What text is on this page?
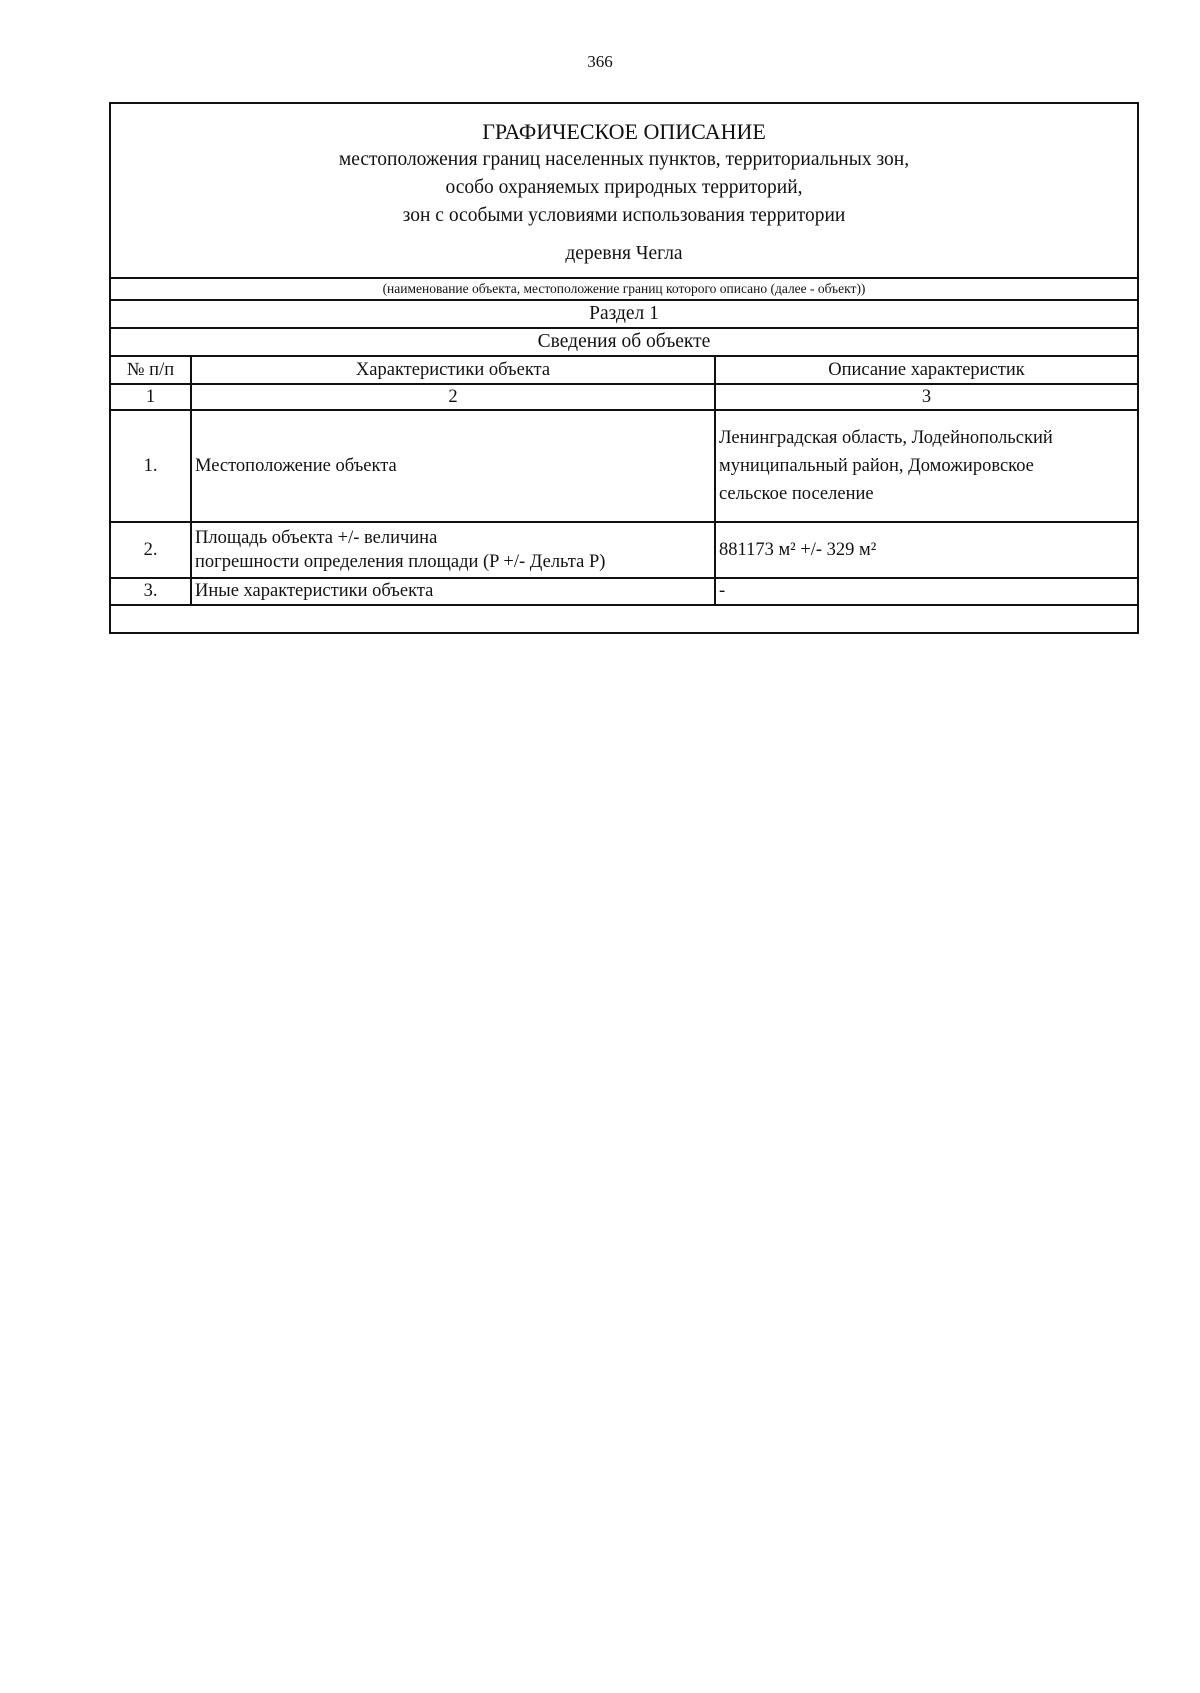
366
ГРАФИЧЕСКОЕ ОПИСАНИЕ
местоположения границ населенных пунктов, территориальных зон,
особо охраняемых природных территорий,
зон с особыми условиями использования территории
деревня Чегла
(наименование объекта, местоположение границ которого описано (далее - объект))
Раздел 1
Сведения об объекте
№ п/п	Характеристики объекта	Описание характеристик
1	2	3
1.	Местоположение объекта	Ленинградская область, Лодейнопольский
муниципальный район, Доможировское
сельское поселение

2.	Площадь объекта +/- величина
погрешности определения площади (P +/- Дельта P)	881173 м² +/- 329 м²
3.	Иные характеристики объекта	-
